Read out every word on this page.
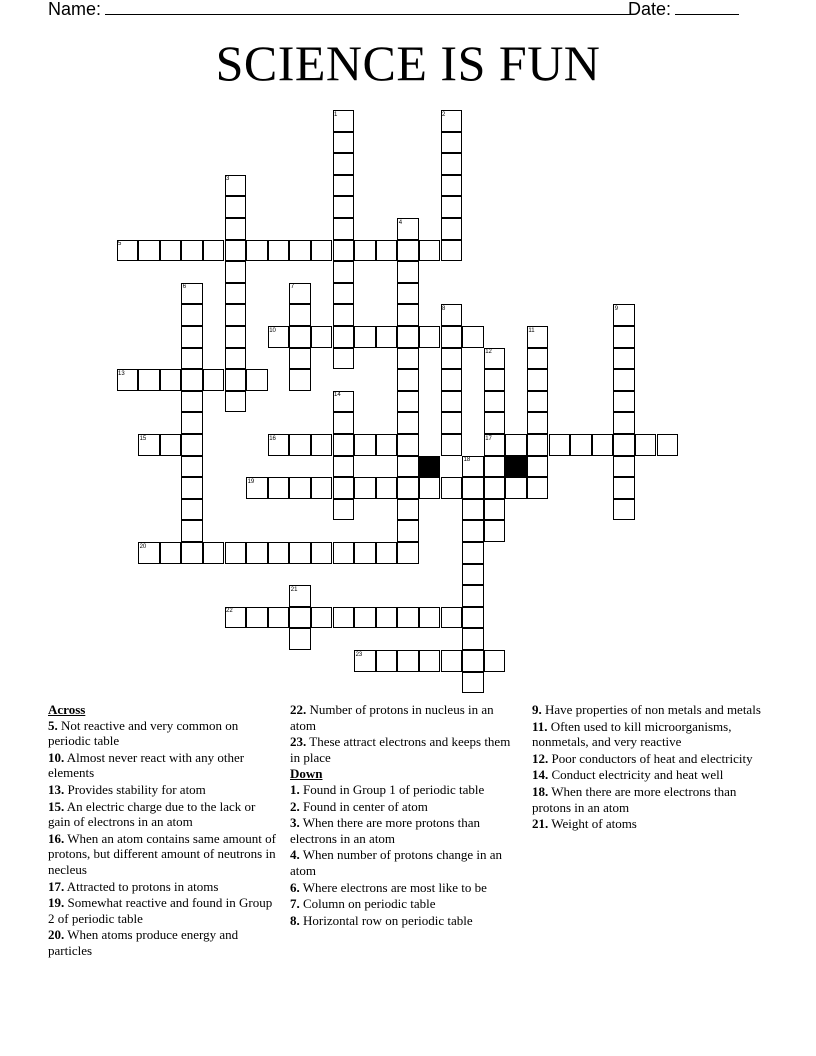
Name:	Date:
SCIENCE IS FUN
1	2
3
4
5
6	7
8	9
10	11
12
13
14
15	16	17
18
19
20
21
22
23
Across
5. Not reactive and very common on periodic table
10. Almost never react with any other elements
13. Provides stability for atom
15. An electric charge due to the lack or gain of electrons in an atom
16. When an atom contains same amount of protons, but different amount of neutrons in necleus
17. Attracted to protons in atoms
19. Somewhat reactive and found in Group 2 of periodic table
20. When atoms produce energy and particles
22. Number of protons in nucleus in an atom
23. These attract electrons and keeps them in place
Down
1. Found in Group 1 of periodic table
2. Found in center of atom
3. When there are more protons than electrons in an atom
4. When number of protons change in an atom
6. Where electrons are most like to be
7. Column on periodic table
8. Horizontal row on periodic table
9. Have properties of non metals and metals
11. Often used to kill microorganisms, nonmetals, and very reactive
12. Poor conductors of heat and electricity
14. Conduct electricity and heat well
18. When there are more electrons than protons in an atom
21. Weight of atoms
